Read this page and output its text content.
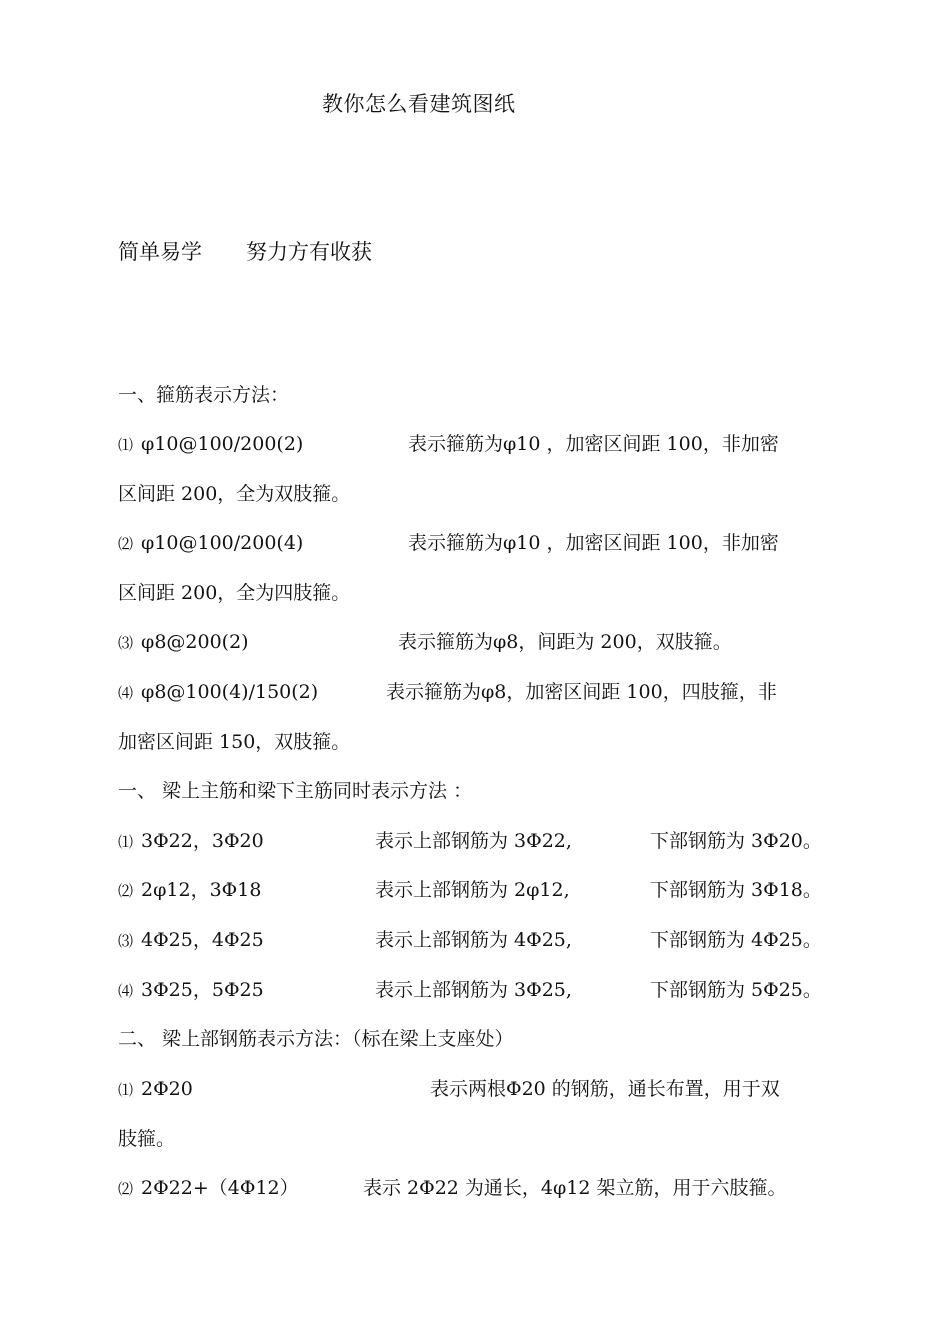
教你怎么看建筑图纸
简单易学 努力方有收获
一、箍筋表示方法：
⑴ φ10@100/200(2)	表示箍筋为φ10 ，加密区间距 100，非加密
区间距 200，全为双肢箍。
⑵ φ10@100/200(4)	表示箍筋为φ10 ，加密区间距 100，非加密
区间距 200，全为四肢箍。
⑶ φ8@200(2)	表示箍筋为φ8，间距为 200，双肢箍。
⑷ φ8@100(4)/150(2)	表示箍筋为φ8，加密区间距 100，四肢箍，非
加密区间距 150，双肢箍。
一、 梁上主筋和梁下主筋同时表示方法 ：
⑴ 3Φ22，3Φ20	表示上部钢筋为 3Φ22,	下部钢筋为 3Φ20。
⑵ 2φ12，3Φ18	表示上部钢筋为 2φ12,	下部钢筋为 3Φ18。
⑶ 4Φ25，4Φ25	表示上部钢筋为 4Φ25,	下部钢筋为 4Φ25。
⑷ 3Φ25，5Φ25	表示上部钢筋为 3Φ25,	下部钢筋为 5Φ25。
二、 梁上部钢筋表示方法：（标在梁上支座处）
⑴ 2Φ20	表示两根Φ20 的钢筋，通长布置，用于双
肢箍。
⑵ 2Φ22+（4Φ12）	表示 2Φ22 为通长，4φ12 架立筋，用于六肢箍。
